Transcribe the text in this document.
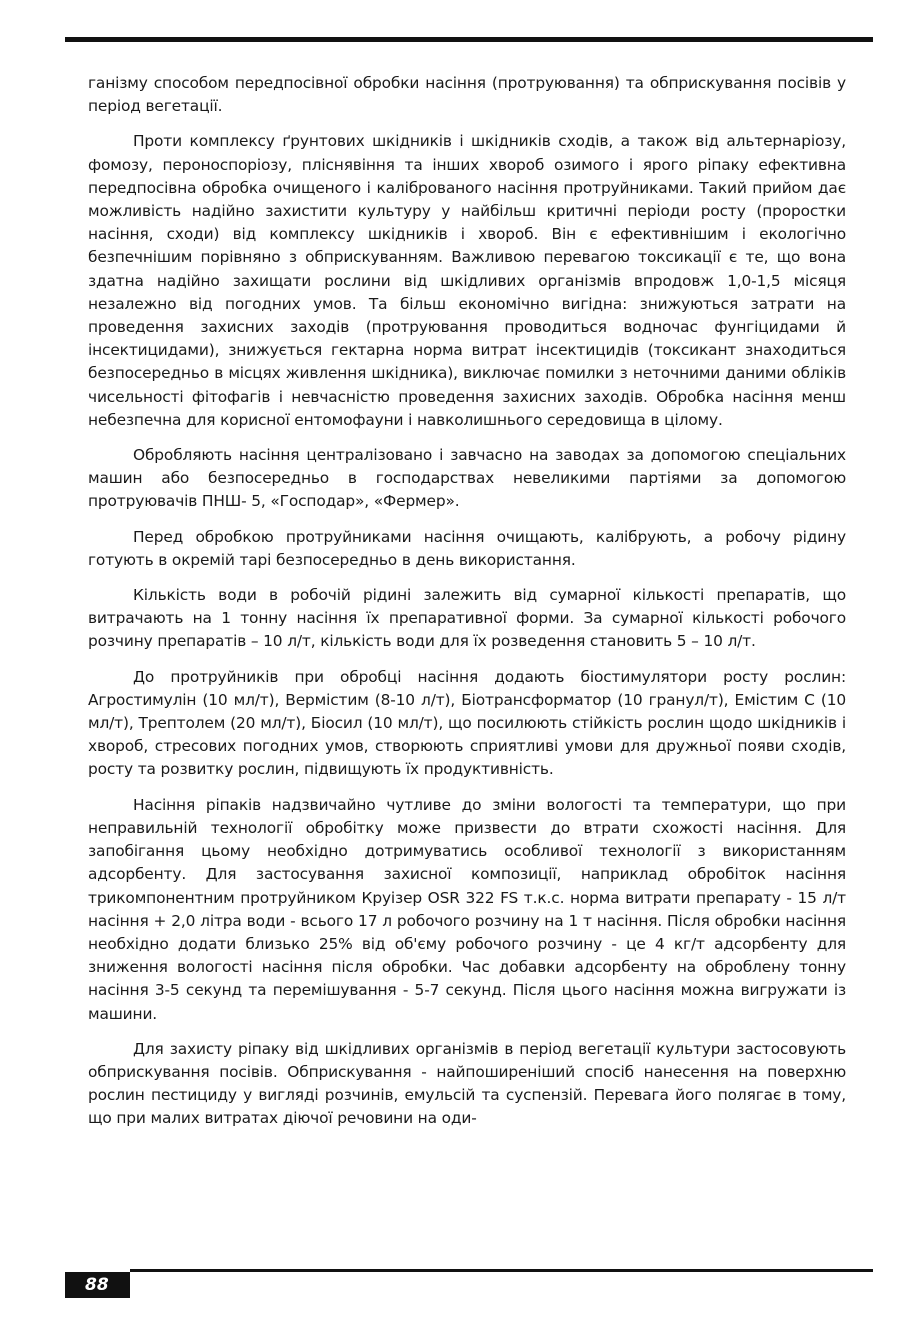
ганізму способом передпосівної обробки насіння (протруювання) та обприскування посівів у період вегетації.

Проти комплексу ґрунтових шкідників і шкідників сходів, а також від альтернаріозу, фомозу, пероноспоріозу, пліснявіння та інших хвороб озимого і ярого ріпаку ефективна передпосівна обробка очищеного і каліброваного насіння протруйниками. Такий прийом дає можливість надійно захистити культуру у найбільш критичні періоди росту (проростки насіння, сходи) від комплексу шкідників і хвороб. Він є ефективнішим і екологічно безпечнішим порівняно з обприскуванням. Важливою перевагою токсикації є те, що вона здатна надійно захищати рослини від шкідливих організмів впродовж 1,0-1,5 місяця незалежно від погодних умов. Та більш економічно вигідна: знижуються затрати на проведення захисних заходів (протруювання проводиться водночас фунгіцидами й інсектицидами), знижується гектарна норма витрат інсектицидів (токсикант знаходиться безпосередньо в місцях живлення шкідника), виключає помилки з неточними даними обліків чисельності фітофагів і невчасністю проведення захисних заходів. Обробка насіння менш небезпечна для корисної ентомофауни і навколишнього середовища в цілому.

Обробляють насіння централізовано і завчасно на заводах за допомогою спеціальних машин або безпосередньо в господарствах невеликими партіями за допомогою протруювачів ПНШ- 5, «Господар», «Фермер».

Перед обробкою протруйниками насіння очищають, калібрують, а робочу рідину готують в окремій тарі безпосередньо в день використання.

Кількість води в робочій рідині залежить від сумарної кількості препаратів, що витрачають на 1 тонну насіння їх препаративної форми. За сумарної кількості робочого розчину препаратів – 10 л/т, кількість води для їх розведення становить 5 – 10 л/т.

До протруйників при обробці насіння додають біостимулятори росту рослин: Агростимулін (10 мл/т), Вермістим (8-10 л/т), Біотрансформатор (10 гранул/т), Емістим С (10 мл/т), Трептолем (20 мл/т), Біосил (10 мл/т), що посилюють стійкість рослин щодо шкідників і хвороб, стресових погодних умов, створюють сприятливі умови для дружньої появи сходів, росту та розвитку рослин, підвищують їх продуктивність.

Насіння ріпаків надзвичайно чутливе до зміни вологості та температури, що при неправильній технології обробітку може призвести до втрати схожості насіння. Для запобігання цьому необхідно дотримуватись особливої технології з використанням адсорбенту. Для застосування захисної композиції, наприклад обробіток насіння трикомпонентним протруйником Круізер OSR 322 FS т.к.с. норма витрати препарату - 15 л/т насіння + 2,0 літра води - всього 17 л робочого розчину на 1 т насіння. Після обробки насіння необхідно додати близько 25% від об'єму робочого розчину - це 4 кг/т адсорбенту для зниження вологості насіння після обробки. Час добавки адсорбенту на оброблену тонну насіння 3-5 секунд та перемішування - 5-7 секунд. Після цього насіння можна вигружати із машини.

Для захисту ріпаку від шкідливих організмів в період вегетації культури застосовують обприскування посівів. Обприскування - найпоширеніший спосіб нанесення на поверхню рослин пестициду у вигляді розчинів, емульсій та суспензій. Перевага його полягає в тому, що при малих витратах діючої речовини на оди-

88
